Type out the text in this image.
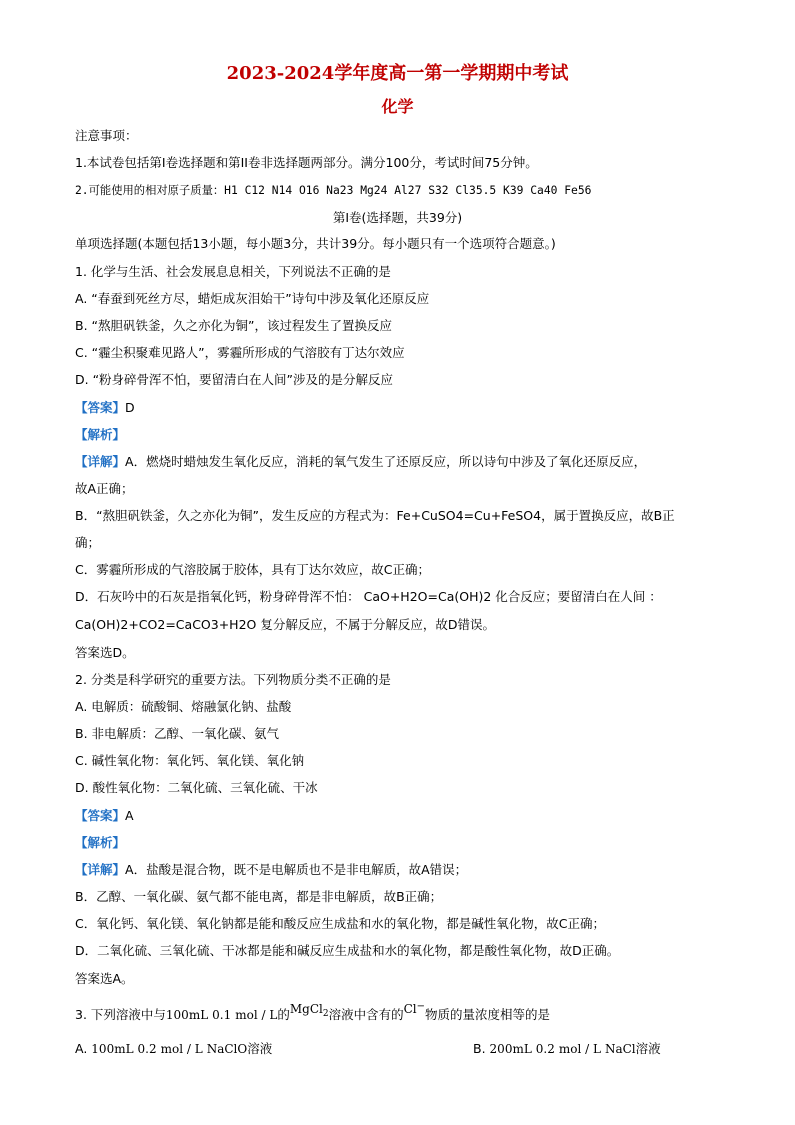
2023-2024学年度高一第一学期期中考试
化学
注意事项：
1.本试卷包括第Ⅰ卷选择题和第II卷非选择题两部分。满分100分，考试时间75分钟。
2.可能使用的相对原子质量：H1 C12 N14 O16 Na23 Mg24 Al27 S32 Cl35.5 K39 Ca40 Fe56
第Ⅰ卷(选择题，共39分)
单项选择题(本题包括13小题，每小题3分，共计39分。每小题只有一个选项符合题意。)
1. 化学与生活、社会发展息息相关，下列说法不正确的是
A. “春蚕到死丝方尽，蜡炬成灰泪始干”诗句中涉及氧化还原反应
B. “熬胆矾铁釜，久之亦化为铜”，该过程发生了置换反应
C. “霾尘积聚难见路人”，雾霾所形成的气溶胶有丁达尔效应
D. “粉身碎骨浑不怕，要留清白在人间”涉及的是分解反应
【答案】D
【解析】
【详解】A．燃烧时蜡烛发生氧化反应，消耗的氧气发生了还原反应，所以诗句中涉及了氧化还原反应，
故A正确；
B．“熬胆矾铁釜，久之亦化为铜”，发生反应的方程式为：Fe+CuSO4=Cu+FeSO4，属于置换反应，故B正
确；
C．雾霾所形成的气溶胶属于胶体，具有丁达尔效应，故C正确；
D．石灰吟中的石灰是指氧化钙，粉身碎骨浑不怕： CaO+H2O=Ca(OH)2 化合反应；要留清白在人间 ：
Ca(OH)2+CO2=CaCO3+H2O 复分解反应，不属于分解反应，故D错误。
答案选D。
2. 分类是科学研究的重要方法。下列物质分类不正确的是
A. 电解质：硫酸铜、熔融氯化钠、盐酸
B. 非电解质：乙醇、一氧化碳、氨气
C. 碱性氧化物：氧化钙、氧化镁、氧化钠
D. 酸性氧化物：二氧化硫、三氧化硫、干冰
【答案】A
【解析】
【详解】A．盐酸是混合物，既不是电解质也不是非电解质，故A错误；
B．乙醇、一氧化碳、氨气都不能电离，都是非电解质，故B正确；
C．氧化钙、氧化镁、氧化钠都是能和酸反应生成盐和水的氧化物，都是碱性氧化物，故C正确；
D．二氧化硫、三氧化硫、干冰都是能和碱反应生成盐和水的氧化物，都是酸性氧化物，故D正确。
答案选A。
3. 下列溶液中与100mL 0.1 mol / L的MgCl$^2$溶液中含有的Cl−物质的量浓度相等的是
A. 100mL 0.2 mol / L NaClO溶液	B. 200mL 0.2 mol / L NaCl溶液
